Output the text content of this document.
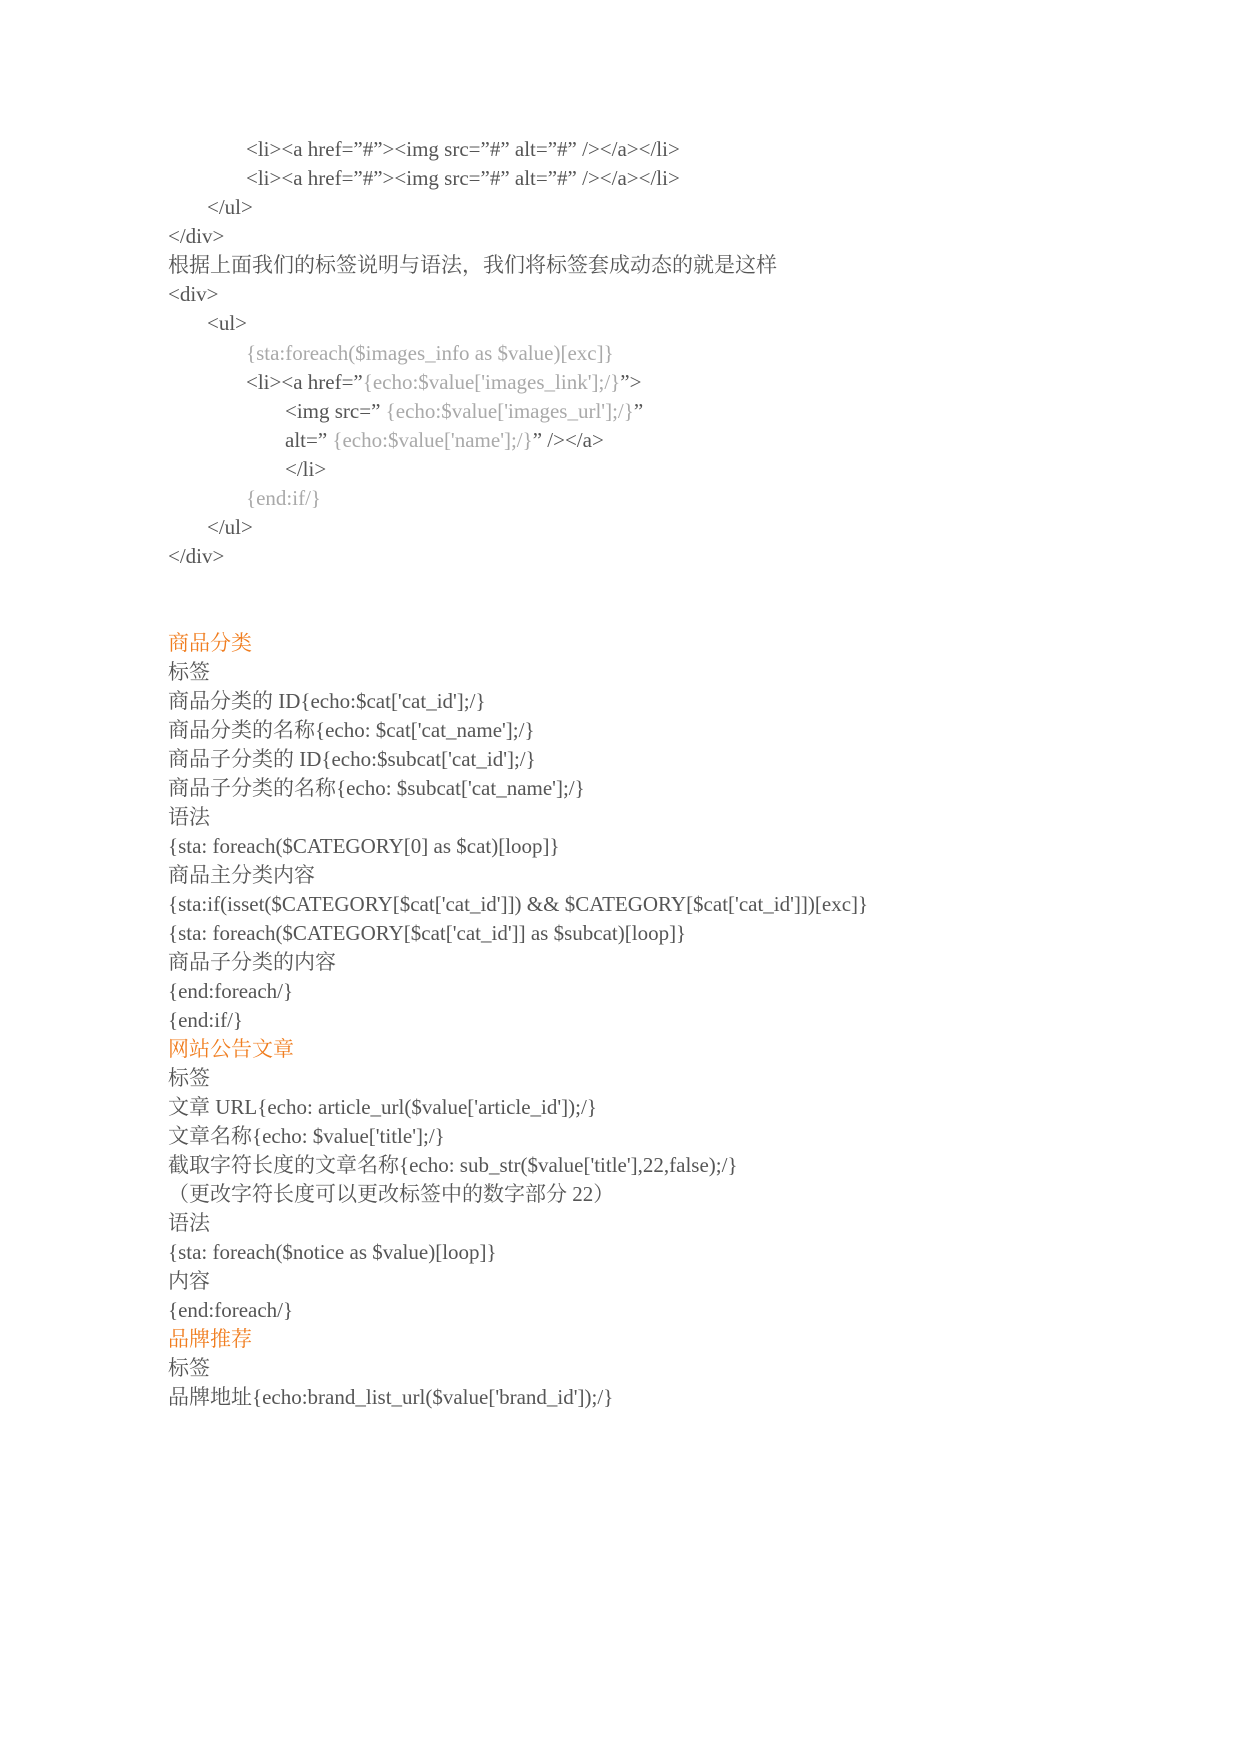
<li><a href=”#”><img src=”#” alt=”#” /></a></li>
<li><a href=”#”><img src=”#” alt=”#” /></a></li>
</ul>
</div>
根据上面我们的标签说明与语法，我们将标签套成动态的就是这样
<div>
<ul>
{sta:foreach($images_info as $value)[exc]}
<li><a href=”{echo:$value['images_link'];/}”>
<img src=” {echo:$value['images_url'];/}”
alt=” {echo:$value['name'];/}” /></a>
</li>
{end:if/}
</ul>
</div>
商品分类
标签
商品分类的 ID{echo:$cat['cat_id'];/}
商品分类的名称{echo: $cat['cat_name'];/}
商品子分类的 ID{echo:$subcat['cat_id'];/}
商品子分类的名称{echo: $subcat['cat_name'];/}
语法
{sta: foreach($CATEGORY[0] as $cat)[loop]}
商品主分类内容
{sta:if(isset($CATEGORY[$cat['cat_id']]) && $CATEGORY[$cat['cat_id']])[exc]}
{sta: foreach($CATEGORY[$cat['cat_id']] as $subcat)[loop]}
商品子分类的内容
{end:foreach/}
{end:if/}
网站公告文章
标签
文章 URL{echo: article_url($value['article_id']);/}
文章名称{echo: $value['title'];/}
截取字符长度的文章名称{echo: sub_str($value['title'],22,false);/}
（更改字符长度可以更改标签中的数字部分 22）
语法
{sta: foreach($notice as $value)[loop]}
内容
{end:foreach/}
品牌推荐
标签
品牌地址{echo:brand_list_url($value['brand_id']);/}
